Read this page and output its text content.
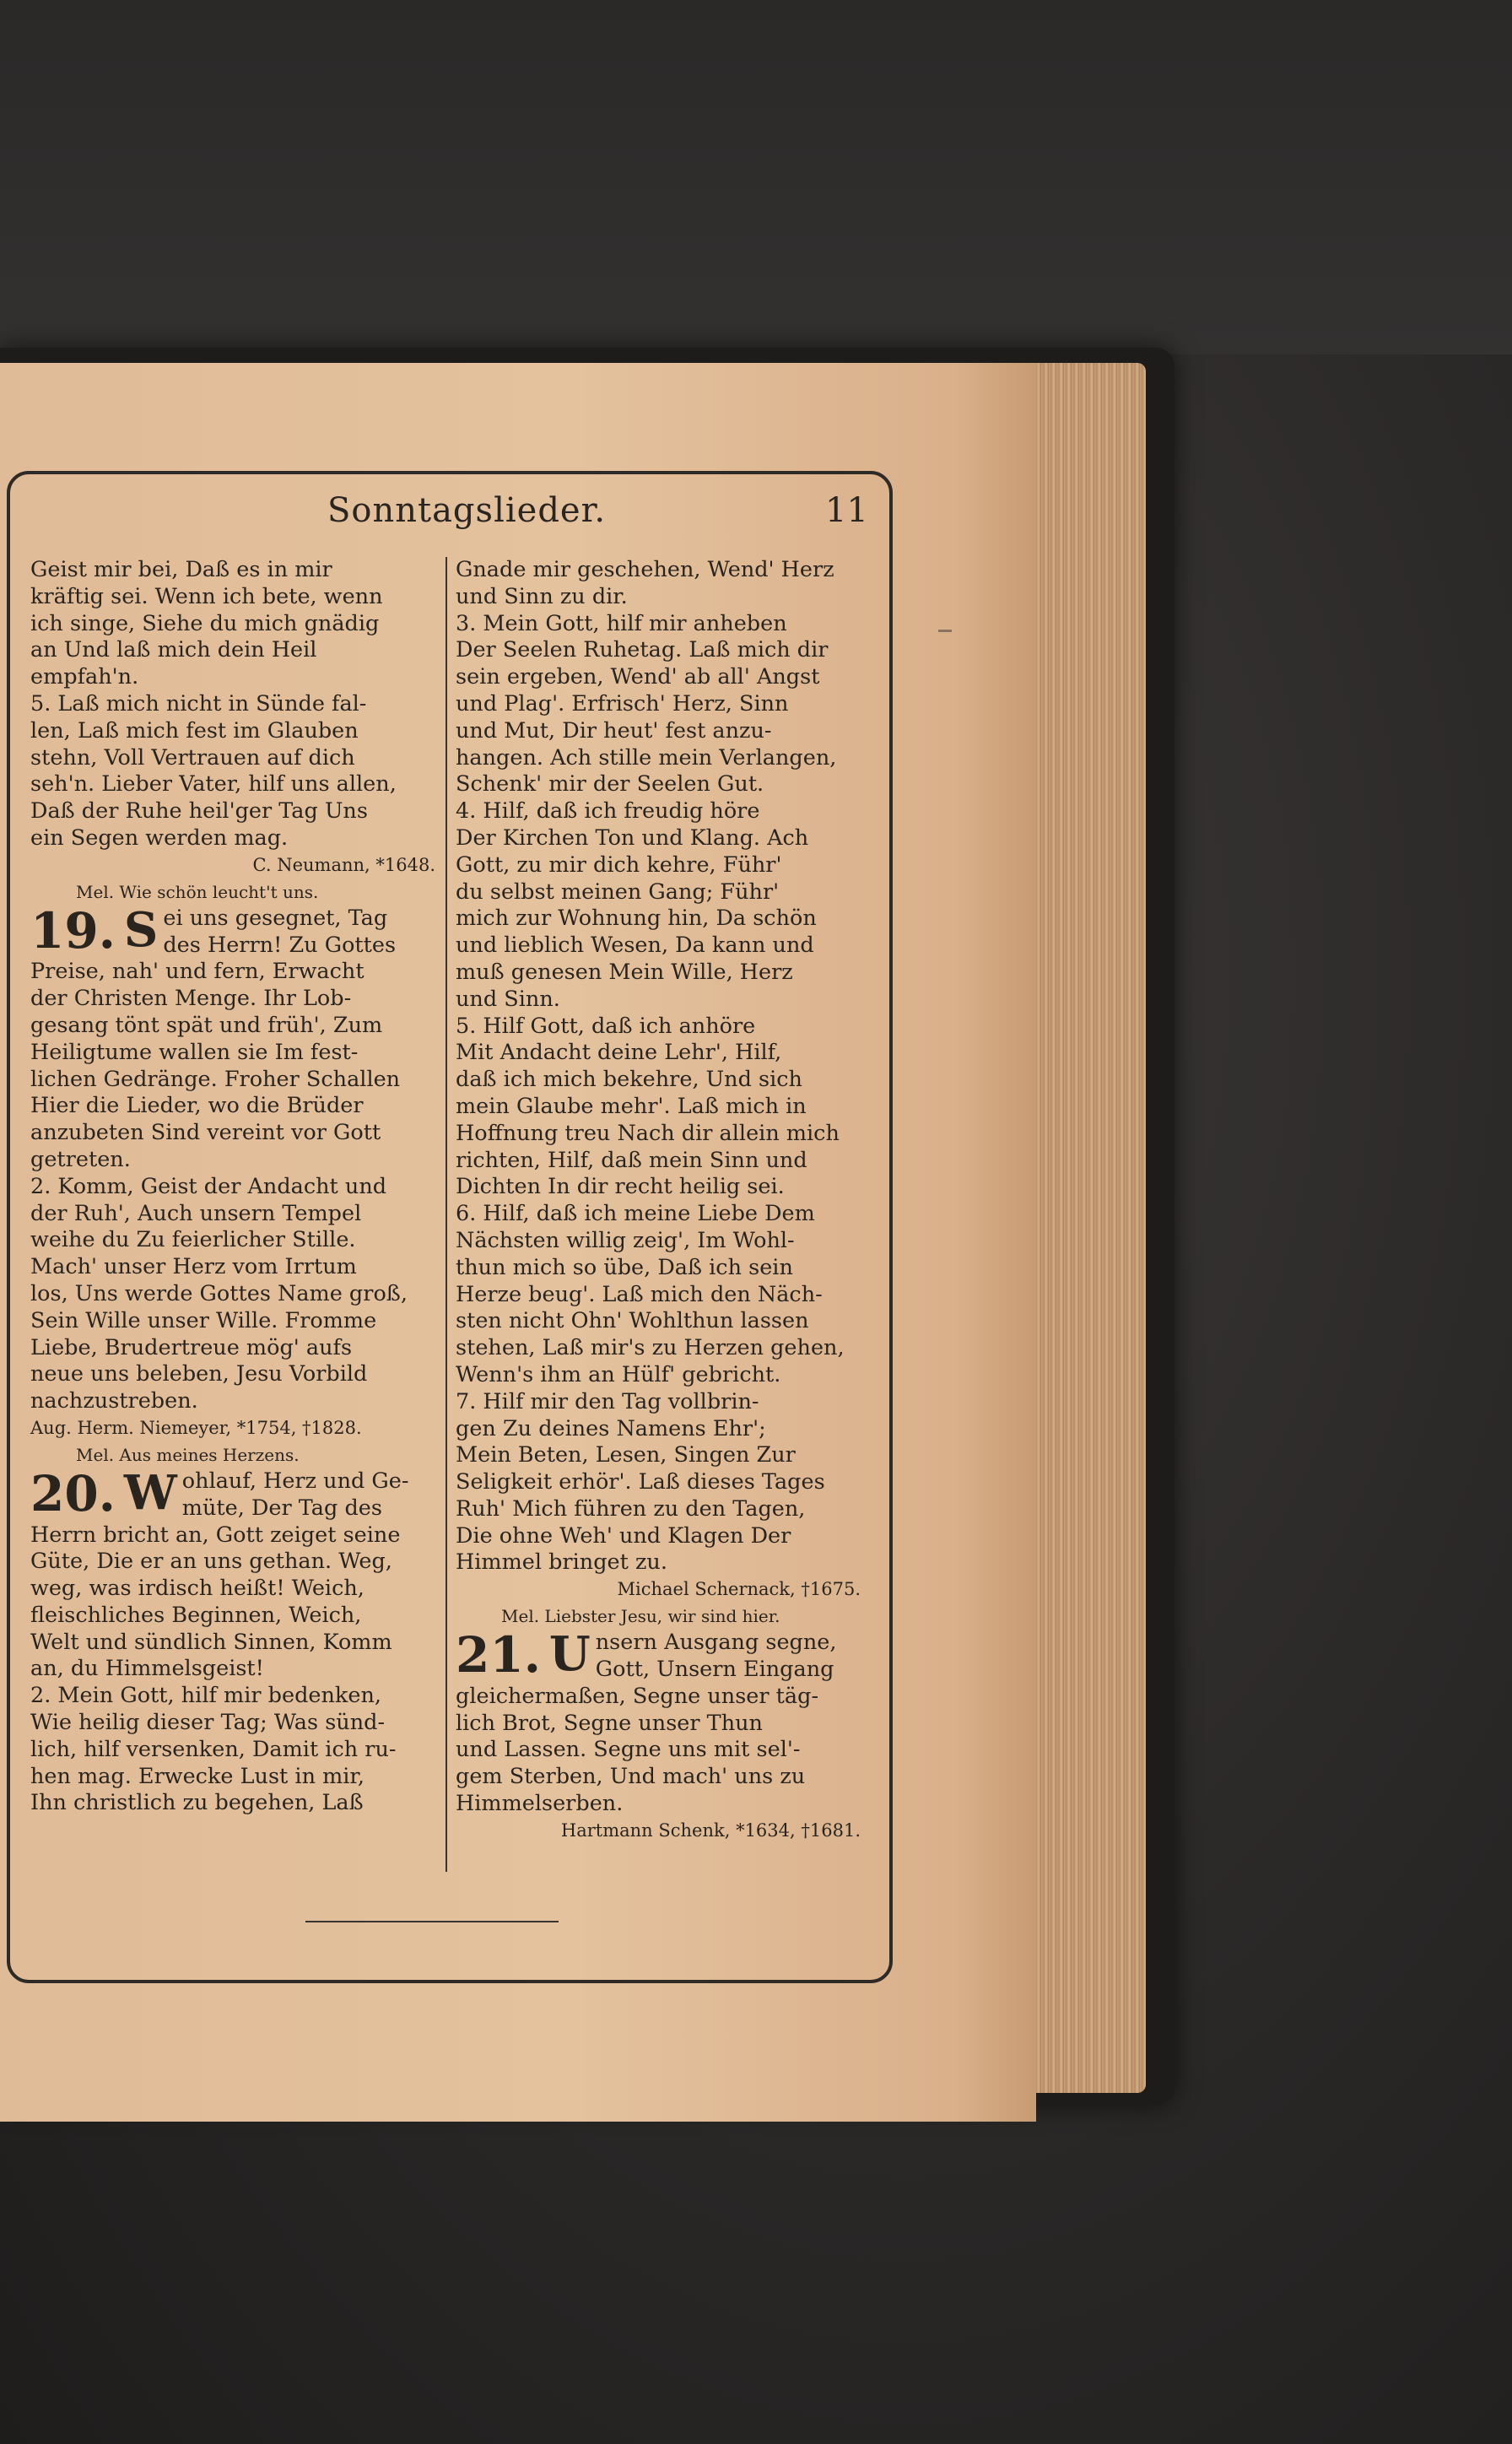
Sonntagslieder.	11
Geist mir bei, Daß es in mir
kräftig sei. Wenn ich bete, wenn
ich singe, Siehe du mich gnädig
an Und laß mich dein Heil
empfah'n.
5. Laß mich nicht in Sünde fal-
len, Laß mich fest im Glauben
stehn, Voll Vertrauen auf dich
seh'n. Lieber Vater, hilf uns allen,
Daß der Ruhe heil'ger Tag Uns
ein Segen werden mag.
C. Neumann, *1648.
Mel. Wie schön leucht't uns.
19. S ei uns gesegnet, Tag
des Herrn! Zu Gottes
Preise, nah' und fern, Erwacht
der Christen Menge. Ihr Lob-
gesang tönt spät und früh', Zum
Heiligtume wallen sie Im fest-
lichen Gedränge. Froher Schallen
Hier die Lieder, wo die Brüder
anzubeten Sind vereint vor Gott
getreten.
2. Komm, Geist der Andacht und
der Ruh', Auch unsern Tempel
weihe du Zu feierlicher Stille.
Mach' unser Herz vom Irrtum
los, Uns werde Gottes Name groß,
Sein Wille unser Wille. Fromme
Liebe, Brudertreue mög' aufs
neue uns beleben, Jesu Vorbild
nachzustreben.
Aug. Herm. Niemeyer, *1754, †1828.
Mel. Aus meines Herzens.
20. W ohlauf, Herz und Ge-
müte, Der Tag des
Herrn bricht an, Gott zeiget seine
Güte, Die er an uns gethan. Weg,
weg, was irdisch heißt! Weich,
fleischliches Beginnen, Weich,
Welt und sündlich Sinnen, Komm
an, du Himmelsgeist!
2. Mein Gott, hilf mir bedenken,
Wie heilig dieser Tag; Was sünd-
lich, hilf versenken, Damit ich ru-
hen mag. Erwecke Lust in mir,
Ihn christlich zu begehen, Laß
Gnade mir geschehen, Wend' Herz
und Sinn zu dir.
3. Mein Gott, hilf mir anheben
Der Seelen Ruhetag. Laß mich dir
sein ergeben, Wend' ab all' Angst
und Plag'. Erfrisch' Herz, Sinn
und Mut, Dir heut' fest anzu-
hangen. Ach stille mein Verlangen,
Schenk' mir der Seelen Gut.
4. Hilf, daß ich freudig höre
Der Kirchen Ton und Klang. Ach
Gott, zu mir dich kehre, Führ'
du selbst meinen Gang; Führ'
mich zur Wohnung hin, Da schön
und lieblich Wesen, Da kann und
muß genesen Mein Wille, Herz
und Sinn.
5. Hilf Gott, daß ich anhöre
Mit Andacht deine Lehr', Hilf,
daß ich mich bekehre, Und sich
mein Glaube mehr'. Laß mich in
Hoffnung treu Nach dir allein mich
richten, Hilf, daß mein Sinn und
Dichten In dir recht heilig sei.
6. Hilf, daß ich meine Liebe Dem
Nächsten willig zeig', Im Wohl-
thun mich so übe, Daß ich sein
Herze beug'. Laß mich den Näch-
sten nicht Ohn' Wohlthun lassen
stehen, Laß mir's zu Herzen gehen,
Wenn's ihm an Hülf' gebricht.
7. Hilf mir den Tag vollbrin-
gen Zu deines Namens Ehr';
Mein Beten, Lesen, Singen Zur
Seligkeit erhör'. Laß dieses Tages
Ruh' Mich führen zu den Tagen,
Die ohne Weh' und Klagen Der
Himmel bringet zu.
Michael Schernack, †1675.
Mel. Liebster Jesu, wir sind hier.
21. U nsern Ausgang segne,
Gott, Unsern Eingang
gleichermaßen, Segne unser täg-
lich Brot, Segne unser Thun
und Lassen. Segne uns mit sel'-
gem Sterben, Und mach' uns zu
Himmelserben.
Hartmann Schenk, *1634, †1681.
